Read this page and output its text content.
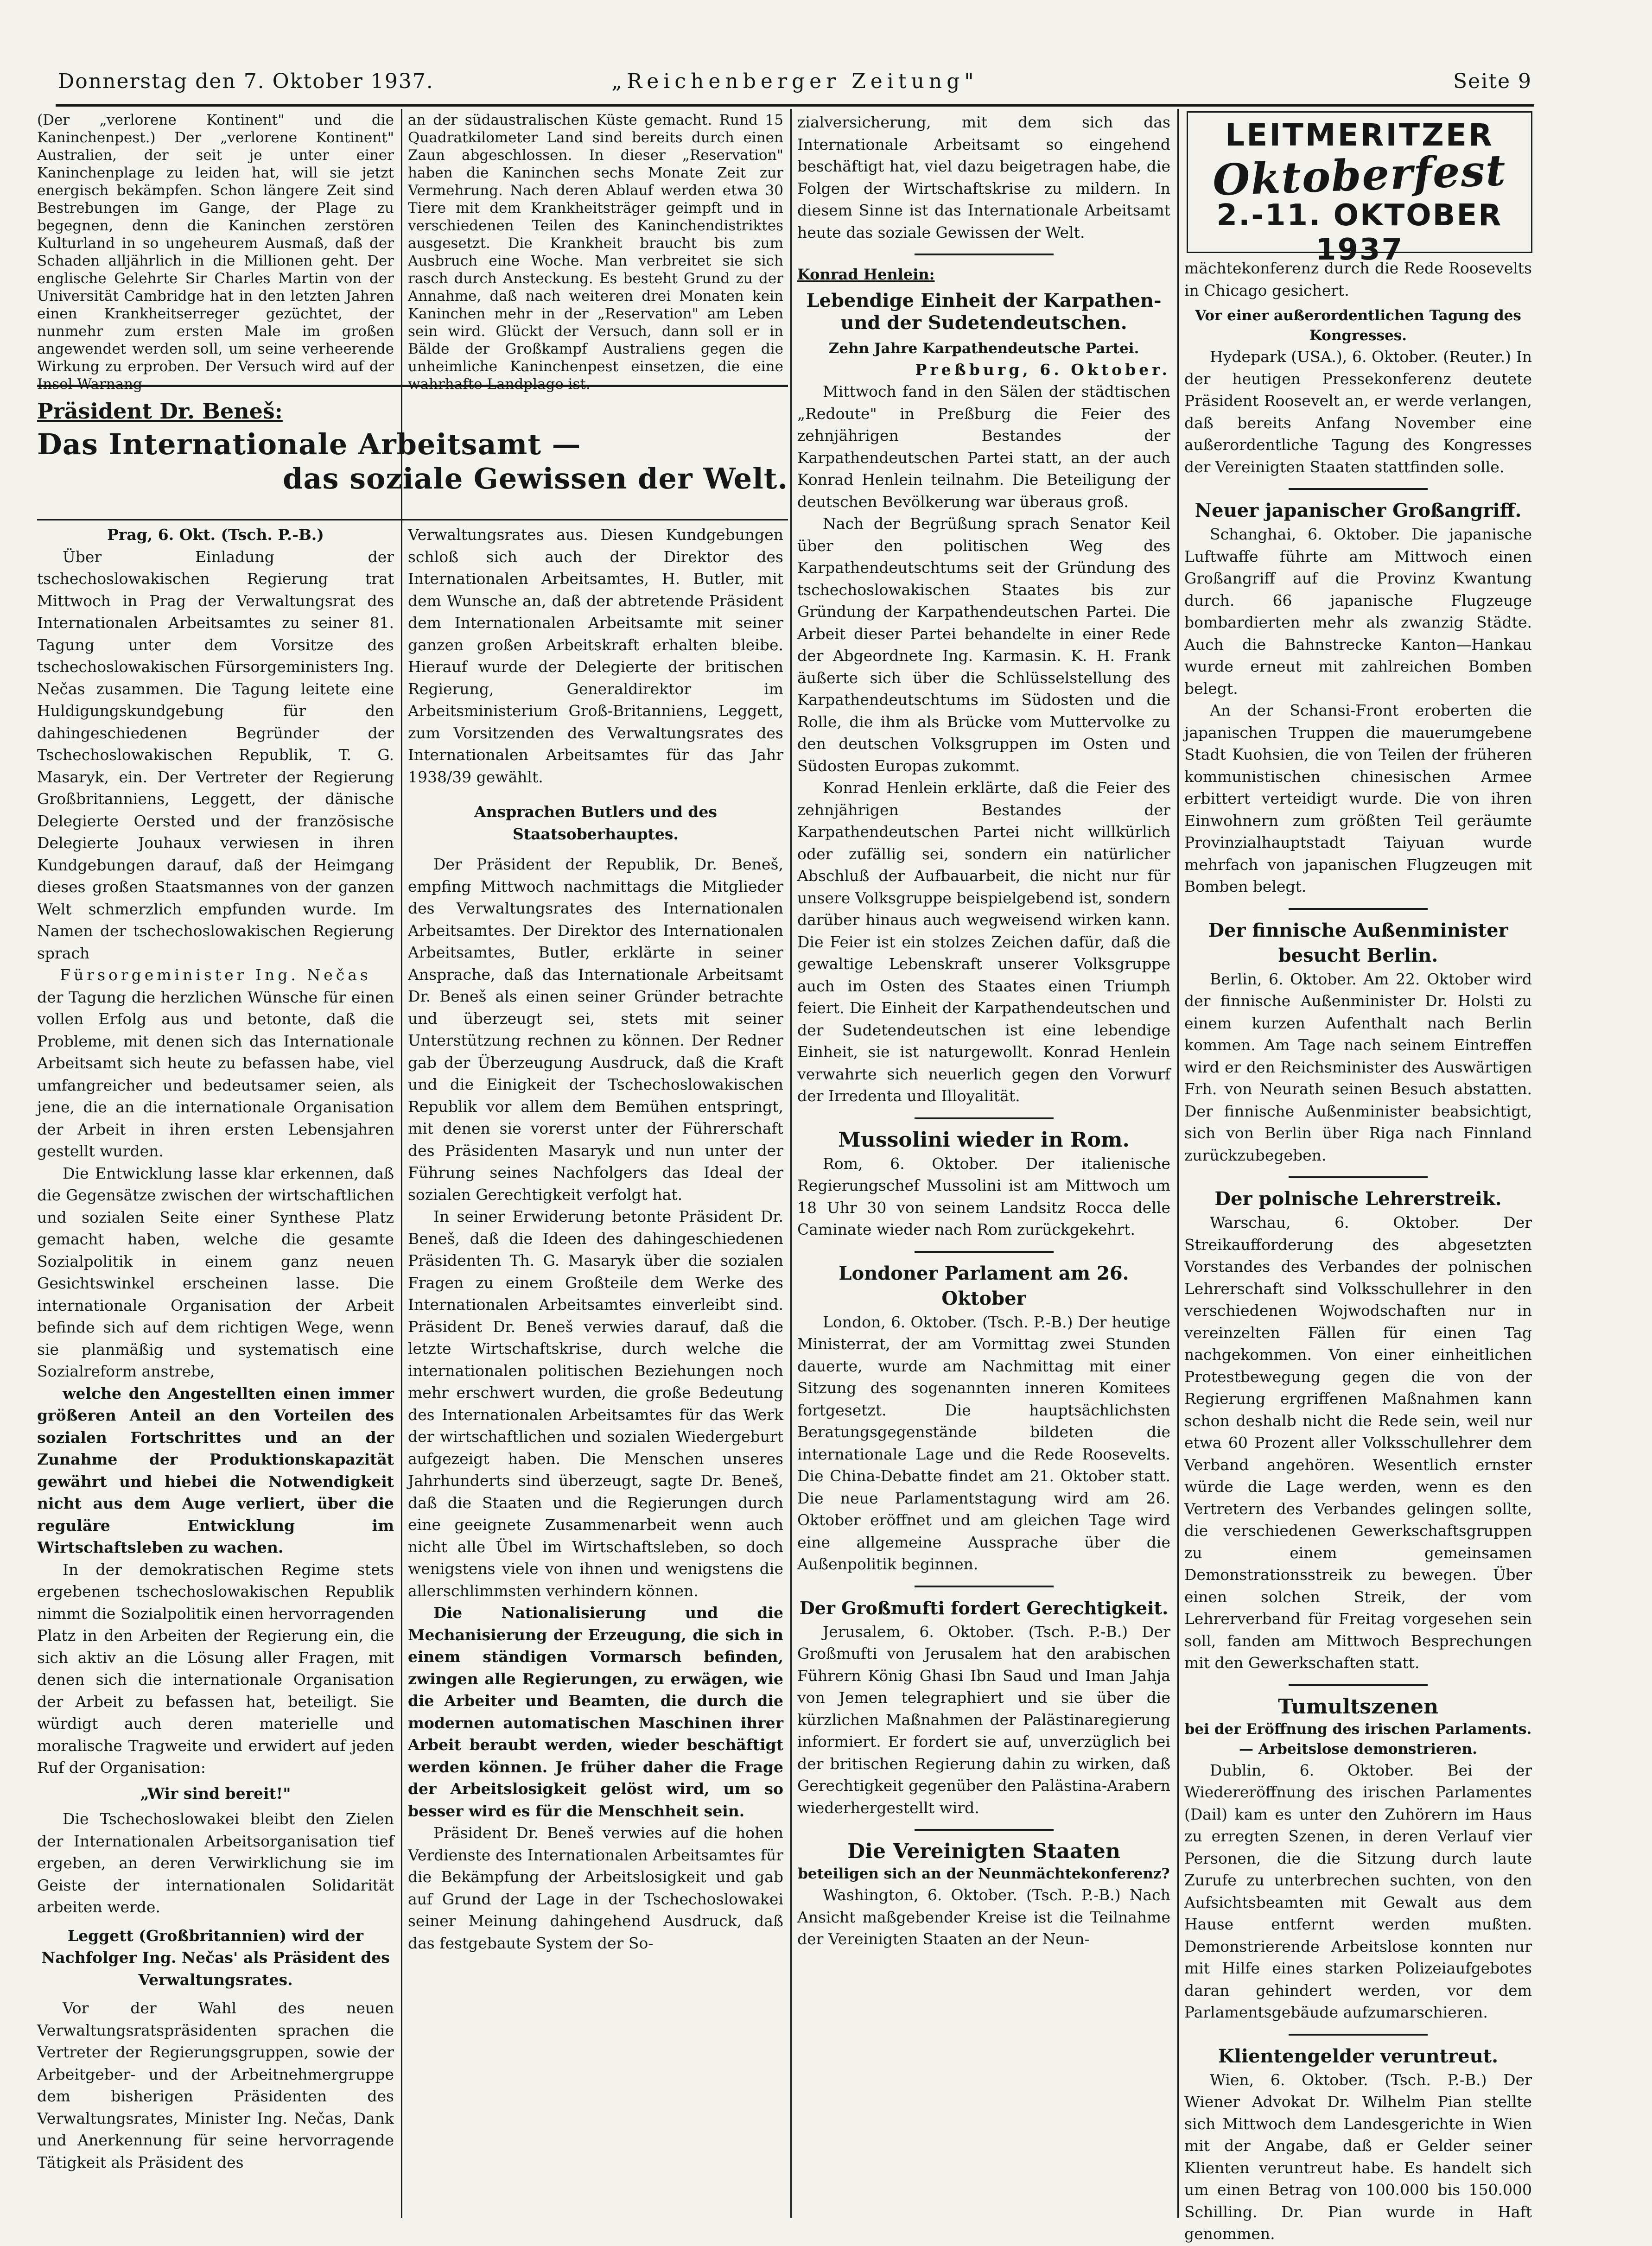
Donnerstag den 7. Oktober 1937.	„Reichenberger Zeitung"	Seite 9

(Der „verlorene Kontinent" und die Kaninchenpest.) Der „verlorene Kontinent" Australien, der seit je unter einer Kaninchenplage zu leiden hat, will sie jetzt energisch bekämpfen. Schon längere Zeit sind Bestrebungen im Gange, der Plage zu begegnen, denn die Kaninchen zerstören Kulturland in so ungeheurem Ausmaß, daß der Schaden alljährlich in die Millionen geht. Der englische Gelehrte Sir Charles Martin von der Universität Cambridge hat in den letzten Jahren einen Krankheitserreger gezüchtet, der nunmehr zum ersten Male im großen angewendet werden soll, um seine verheerende Wirkung zu erproben. Der Versuch wird auf der Insel Warnang

an der südaustralischen Küste gemacht. Rund 15 Quadratkilometer Land sind bereits durch einen Zaun abgeschlossen. In dieser „Reservation" haben die Kaninchen sechs Monate Zeit zur Vermehrung. Nach deren Ablauf werden etwa 30 Tiere mit dem Krankheitsträger geimpft und in verschiedenen Teilen des Kaninchendistriktes ausgesetzt. Die Krankheit braucht bis zum Ausbruch eine Woche. Man verbreitet sie sich rasch durch Ansteckung. Es besteht Grund zu der Annahme, daß nach weiteren drei Monaten kein Kaninchen mehr in der „Reservation" am Leben sein wird. Glückt der Versuch, dann soll er in Bälde der Großkampf Australiens gegen die unheimliche Kaninchenpest einsetzen, die eine wahrhafte Landplage ist.

Präsident Dr. Beneš:
Das Internationale Arbeitsamt —
das soziale Gewissen der Welt.

Prag, 6. Okt. (Tsch. P.-B.)

Über Einladung der tschechoslowakischen Regierung trat Mittwoch in Prag der Verwaltungsrat des Internationalen Arbeitsamtes zu seiner 81. Tagung unter dem Vorsitze des tschechoslowakischen Fürsorgeministers Ing. Nečas zusammen. Die Tagung leitete eine Huldigungskundgebung für den dahingeschiedenen Begründer der Tschechoslowakischen Republik, T. G. Masaryk, ein. Der Vertreter der Regierung Großbritanniens, Leggett, der dänische Delegierte Oersted und der französische Delegierte Jouhaux verwiesen in ihren Kundgebungen darauf, daß der Heimgang dieses großen Staatsmannes von der ganzen Welt schmerzlich empfunden wurde. Im Namen der tschechoslowakischen Regierung sprach

Fürsorgeminister Ing. Nečas

der Tagung die herzlichen Wünsche für einen vollen Erfolg aus und betonte, daß die Probleme, mit denen sich das Internationale Arbeitsamt sich heute zu befassen habe, viel umfangreicher und bedeutsamer seien, als jene, die an die internationale Organisation der Arbeit in ihren ersten Lebensjahren gestellt wurden.

Die Entwicklung lasse klar erkennen, daß die Gegensätze zwischen der wirtschaftlichen und sozialen Seite einer Synthese Platz gemacht haben, welche die gesamte Sozialpolitik in einem ganz neuen Gesichtswinkel erscheinen lasse. Die internationale Organisation der Arbeit befinde sich auf dem richtigen Wege, wenn sie planmäßig und systematisch eine Sozialreform anstrebe,

welche den Angestellten einen immer größeren Anteil an den Vorteilen des sozialen Fortschrittes und an der Zunahme der Produktionskapazität gewährt und hiebei die Notwendigkeit nicht aus dem Auge verliert, über die reguläre Entwicklung im Wirtschaftsleben zu wachen.

In der demokratischen Regime stets ergebenen tschechoslowakischen Republik nimmt die Sozialpolitik einen hervorragenden Platz in den Arbeiten der Regierung ein, die sich aktiv an die Lösung aller Fragen, mit denen sich die internationale Organisation der Arbeit zu befassen hat, beteiligt. Sie würdigt auch deren materielle und moralische Tragweite und erwidert auf jeden Ruf der Organisation:

„Wir sind bereit!"

Die Tschechoslowakei bleibt den Zielen der Internationalen Arbeitsorganisation tief ergeben, an deren Verwirklichung sie im Geiste der internationalen Solidarität arbeiten werde.

Leggett (Großbritannien) wird der Nachfolger Ing. Nečas' als Präsident des Verwaltungsrates.

Vor der Wahl des neuen Verwaltungsratspräsidenten sprachen die Vertreter der Regierungsgruppen, sowie der Arbeitgeber- und der Arbeitnehmergruppe dem bisherigen Präsidenten des Verwaltungsrates, Minister Ing. Nečas, Dank und Anerkennung für seine hervorragende Tätigkeit als Präsident des

Verwaltungsrates aus. Diesen Kundgebungen schloß sich auch der Direktor des Internationalen Arbeitsamtes, H. Butler, mit dem Wunsche an, daß der abtretende Präsident dem Internationalen Arbeitsamte mit seiner ganzen großen Arbeitskraft erhalten bleibe. Hierauf wurde der Delegierte der britischen Regierung, Generaldirektor im Arbeitsministerium Groß-Britanniens, Leggett, zum Vorsitzenden des Verwaltungsrates des Internationalen Arbeitsamtes für das Jahr 1938/39 gewählt.

Ansprachen Butlers und des Staatsoberhauptes.

Der Präsident der Republik, Dr. Beneš, empfing Mittwoch nachmittags die Mitglieder des Verwaltungsrates des Internationalen Arbeitsamtes. Der Direktor des Internationalen Arbeitsamtes, Butler, erklärte in seiner Ansprache, daß das Internationale Arbeitsamt Dr. Beneš als einen seiner Gründer betrachte und überzeugt sei, stets mit seiner Unterstützung rechnen zu können. Der Redner gab der Überzeugung Ausdruck, daß die Kraft und die Einigkeit der Tschechoslowakischen Republik vor allem dem Bemühen entspringt, mit denen sie vorerst unter der Führerschaft des Präsidenten Masaryk und nun unter der Führung seines Nachfolgers das Ideal der sozialen Gerechtigkeit verfolgt hat.

In seiner Erwiderung betonte Präsident Dr. Beneš, daß die Ideen des dahingeschiedenen Präsidenten Th. G. Masaryk über die sozialen Fragen zu einem Großteile dem Werke des Internationalen Arbeitsamtes einverleibt sind. Präsident Dr. Beneš verwies darauf, daß die letzte Wirtschaftskrise, durch welche die internationalen politischen Beziehungen noch mehr erschwert wurden, die große Bedeutung des Internationalen Arbeitsamtes für das Werk der wirtschaftlichen und sozialen Wiedergeburt aufgezeigt haben. Die Menschen unseres Jahrhunderts sind überzeugt, sagte Dr. Beneš, daß die Staaten und die Regierungen durch eine geeignete Zusammenarbeit wenn auch nicht alle Übel im Wirtschaftsleben, so doch wenigstens viele von ihnen und wenigstens die allerschlimmsten verhindern können.

Die Nationalisierung und die Mechanisierung der Erzeugung, die sich in einem ständigen Vormarsch befinden, zwingen alle Regierungen, zu erwägen, wie die Arbeiter und Beamten, die durch die modernen automatischen Maschinen ihrer Arbeit beraubt werden, wieder beschäftigt werden können. Je früher daher die Frage der Arbeitslosigkeit gelöst wird, um so besser wird es für die Menschheit sein.

Präsident Dr. Beneš verwies auf die hohen Verdienste des Internationalen Arbeitsamtes für die Bekämpfung der Arbeitslosigkeit und gab auf Grund der Lage in der Tschechoslowakei seiner Meinung dahingehend Ausdruck, daß das festgebaute System der So-

zialversicherung, mit dem sich das Internationale Arbeitsamt so eingehend beschäftigt hat, viel dazu beigetragen habe, die Folgen der Wirtschaftskrise zu mildern. In diesem Sinne ist das Internationale Arbeitsamt heute das soziale Gewissen der Welt.

Konrad Henlein:
Lebendige Einheit der Karpathen- und der Sudetendeutschen.
Zehn Jahre Karpathendeutsche Partei.

Preßburg, 6. Oktober.

Mittwoch fand in den Sälen der städtischen „Redoute" in Preßburg die Feier des zehnjährigen Bestandes der Karpathendeutschen Partei statt, an der auch Konrad Henlein teilnahm. Die Beteiligung der deutschen Bevölkerung war überaus groß.

Nach der Begrüßung sprach Senator Keil über den politischen Weg des Karpathendeutschtums seit der Gründung des tschechoslowakischen Staates bis zur Gründung der Karpathendeutschen Partei. Die Arbeit dieser Partei behandelte in einer Rede der Abgeordnete Ing. Karmasin. K. H. Frank äußerte sich über die Schlüsselstellung des Karpathendeutschtums im Südosten und die Rolle, die ihm als Brücke vom Muttervolke zu den deutschen Volksgruppen im Osten und Südosten Europas zukommt.

Konrad Henlein erklärte, daß die Feier des zehnjährigen Bestandes der Karpathendeutschen Partei nicht willkürlich oder zufällig sei, sondern ein natürlicher Abschluß der Aufbauarbeit, die nicht nur für unsere Volksgruppe beispielgebend ist, sondern darüber hinaus auch wegweisend wirken kann. Die Feier ist ein stolzes Zeichen dafür, daß die gewaltige Lebenskraft unserer Volksgruppe auch im Osten des Staates einen Triumph feiert. Die Einheit der Karpathendeutschen und der Sudetendeutschen ist eine lebendige Einheit, sie ist naturgewollt. Konrad Henlein verwahrte sich neuerlich gegen den Vorwurf der Irredenta und Illoyalität.

Mussolini wieder in Rom.

Rom, 6. Oktober. Der italienische Regierungschef Mussolini ist am Mittwoch um 18 Uhr 30 von seinem Landsitz Rocca delle Caminate wieder nach Rom zurückgekehrt.

Londoner Parlament am 26. Oktober

London, 6. Oktober. (Tsch. P.-B.) Der heutige Ministerrat, der am Vormittag zwei Stunden dauerte, wurde am Nachmittag mit einer Sitzung des sogenannten inneren Komitees fortgesetzt. Die hauptsächlichsten Beratungsgegenstände bildeten die internationale Lage und die Rede Roosevelts. Die China-Debatte findet am 21. Oktober statt. Die neue Parlamentstagung wird am 26. Oktober eröffnet und am gleichen Tage wird eine allgemeine Aussprache über die Außenpolitik beginnen.

Der Großmufti fordert Gerechtigkeit.

Jerusalem, 6. Oktober. (Tsch. P.-B.) Der Großmufti von Jerusalem hat den arabischen Führern König Ghasi Ibn Saud und Iman Jahja von Jemen telegraphiert und sie über die kürzlichen Maßnahmen der Palästinaregierung informiert. Er fordert sie auf, unverzüglich bei der britischen Regierung dahin zu wirken, daß Gerechtigkeit gegenüber den Palästina-Arabern wiederhergestellt wird.

Die Vereinigten Staaten
beteiligen sich an der Neunmächtekonferenz?

Washington, 6. Oktober. (Tsch. P.-B.) Nach Ansicht maßgebender Kreise ist die Teilnahme der Vereinigten Staaten an der Neun-

LEITMERITZER
Oktoberfest
2.-11. OKTOBER 1937

mächtekonferenz durch die Rede Roosevelts in Chicago gesichert.

Vor einer außerordentlichen Tagung des Kongresses.

Hydepark (USA.), 6. Oktober. (Reuter.) In der heutigen Pressekonferenz deutete Präsident Roosevelt an, er werde verlangen, daß bereits Anfang November eine außerordentliche Tagung des Kongresses der Vereinigten Staaten stattfinden solle.

Neuer japanischer Großangriff.

Schanghai, 6. Oktober. Die japanische Luftwaffe führte am Mittwoch einen Großangriff auf die Provinz Kwantung durch. 66 japanische Flugzeuge bombardierten mehr als zwanzig Städte. Auch die Bahnstrecke Kanton—Hankau wurde erneut mit zahlreichen Bomben belegt.

An der Schansi-Front eroberten die japanischen Truppen die mauerumgebene Stadt Kuohsien, die von Teilen der früheren kommunistischen chinesischen Armee erbittert verteidigt wurde. Die von ihren Einwohnern zum größten Teil geräumte Provinzialhauptstadt Taiyuan wurde mehrfach von japanischen Flugzeugen mit Bomben belegt.

Der finnische Außenminister besucht Berlin.

Berlin, 6. Oktober. Am 22. Oktober wird der finnische Außenminister Dr. Holsti zu einem kurzen Aufenthalt nach Berlin kommen. Am Tage nach seinem Eintreffen wird er den Reichsminister des Auswärtigen Frh. von Neurath seinen Besuch abstatten. Der finnische Außenminister beabsichtigt, sich von Berlin über Riga nach Finnland zurückzubegeben.

Der polnische Lehrerstreik.

Warschau, 6. Oktober. Der Streikaufforderung des abgesetzten Vorstandes des Verbandes der polnischen Lehrerschaft sind Volksschullehrer in den verschiedenen Wojwodschaften nur in vereinzelten Fällen für einen Tag nachgekommen. Von einer einheitlichen Protestbewegung gegen die von der Regierung ergriffenen Maßnahmen kann schon deshalb nicht die Rede sein, weil nur etwa 60 Prozent aller Volksschullehrer dem Verband angehören. Wesentlich ernster würde die Lage werden, wenn es den Vertretern des Verbandes gelingen sollte, die verschiedenen Gewerkschaftsgruppen zu einem gemeinsamen Demonstrationsstreik zu bewegen. Über einen solchen Streik, der vom Lehrerverband für Freitag vorgesehen sein soll, fanden am Mittwoch Besprechungen mit den Gewerkschaften statt.

Tumultszenen
bei der Eröffnung des irischen Parlaments. — Arbeitslose demonstrieren.

Dublin, 6. Oktober. Bei der Wiedereröffnung des irischen Parlamentes (Dail) kam es unter den Zuhörern im Haus zu erregten Szenen, in deren Verlauf vier Personen, die die Sitzung durch laute Zurufe zu unterbrechen suchten, von den Aufsichtsbeamten mit Gewalt aus dem Hause entfernt werden mußten. Demonstrierende Arbeitslose konnten nur mit Hilfe eines starken Polizeiaufgebotes daran gehindert werden, vor dem Parlamentsgebäude aufzumarschieren.

Klientengelder veruntreut.

Wien, 6. Oktober. (Tsch. P.-B.) Der Wiener Advokat Dr. Wilhelm Pian stellte sich Mittwoch dem Landesgerichte in Wien mit der Angabe, daß er Gelder seiner Klienten veruntreut habe. Es handelt sich um einen Betrag von 100.000 bis 150.000 Schilling. Dr. Pian wurde in Haft genommen.
